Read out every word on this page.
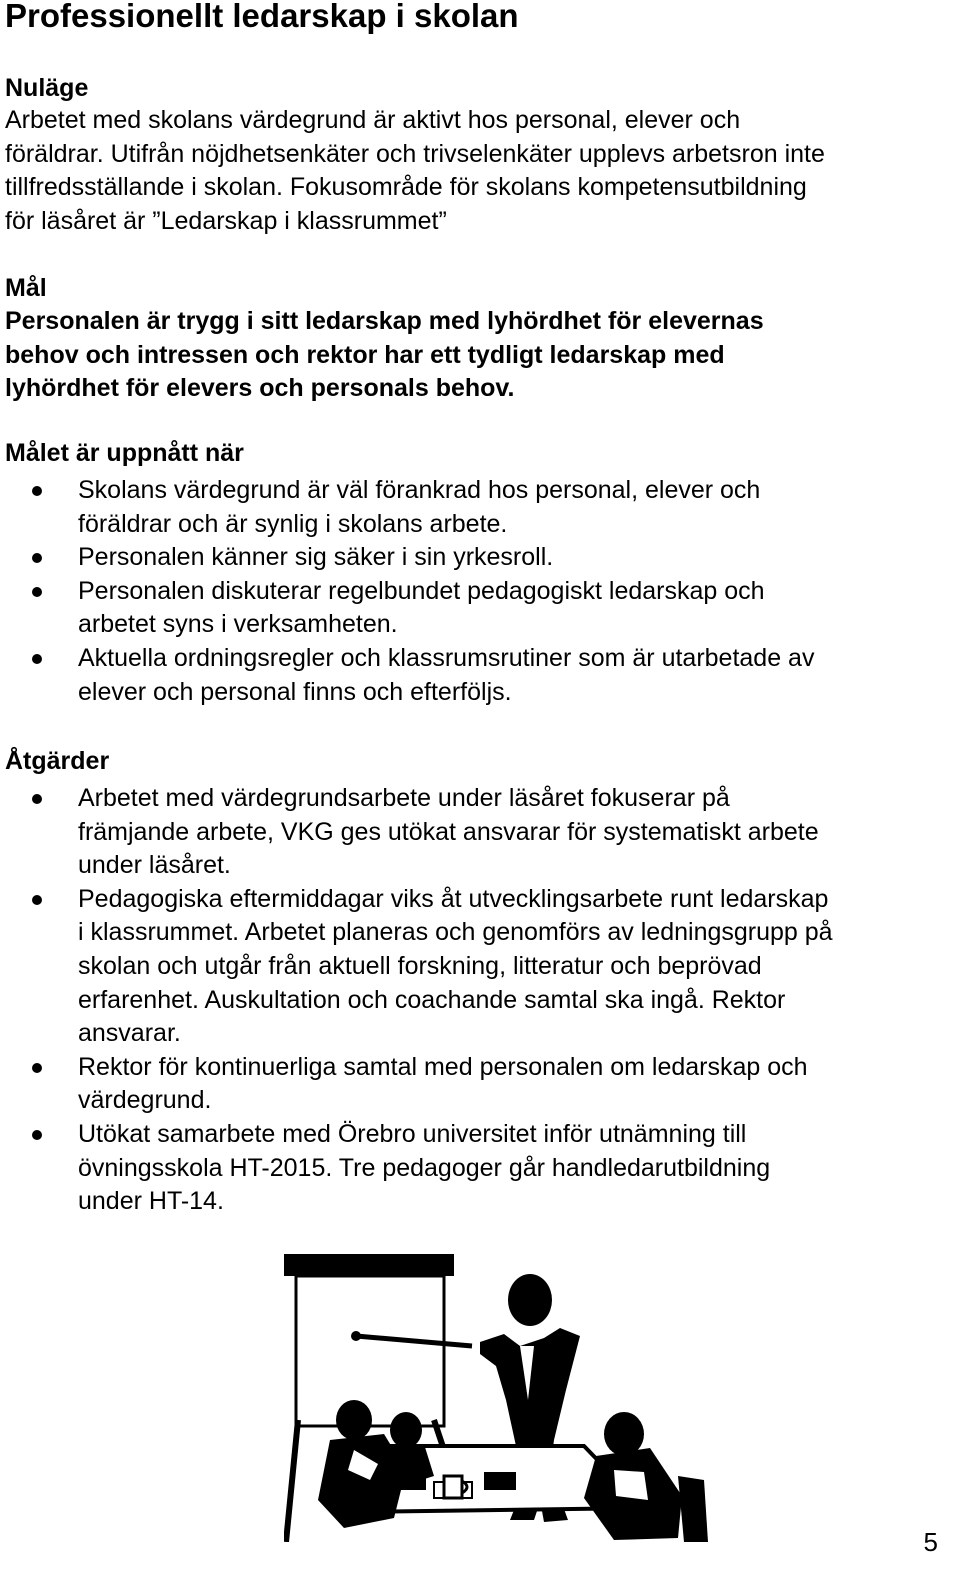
Professionellt ledarskap i skolan
Nuläge
Arbetet med skolans värdegrund är aktivt hos personal, elever och
föräldrar. Utifrån nöjdhetsenkäter och trivselenkäter upplevs arbetsron inte
tillfredsställande i skolan. Fokusområde för skolans kompetensutbildning
för läsåret är ”Ledarskap i klassrummet”
Mål
Personalen är trygg i sitt ledarskap med lyhördhet för elevernas
behov och intressen och rektor har ett tydligt ledarskap med
lyhördhet för elevers och personals behov.
Målet är uppnått när
Skolans värdegrund är väl förankrad hos personal, elever och
föräldrar och är synlig i skolans arbete.
Personalen känner sig säker i sin yrkesroll.
Personalen diskuterar regelbundet pedagogiskt ledarskap och
arbetet syns i verksamheten.
Aktuella ordningsregler och klassrumsrutiner som är utarbetade av
elever och personal finns och efterföljs.
Åtgärder
Arbetet med värdegrundsarbete under läsåret fokuserar på
främjande arbete, VKG ges utökat ansvarar för systematiskt arbete
under läsåret.
Pedagogiska eftermiddagar viks åt utvecklingsarbete runt ledarskap
i klassrummet. Arbetet planeras och genomförs av ledningsgrupp på
skolan och utgår från aktuell forskning, litteratur och beprövad
erfarenhet. Auskultation och coachande samtal ska ingå. Rektor
ansvarar.
Rektor för kontinuerliga samtal med personalen om ledarskap och
värdegrund.
Utökat samarbete med Örebro universitet inför utnämning till
övningsskola HT-2015. Tre pedagoger går handledarutbildning
under HT-14.
5
